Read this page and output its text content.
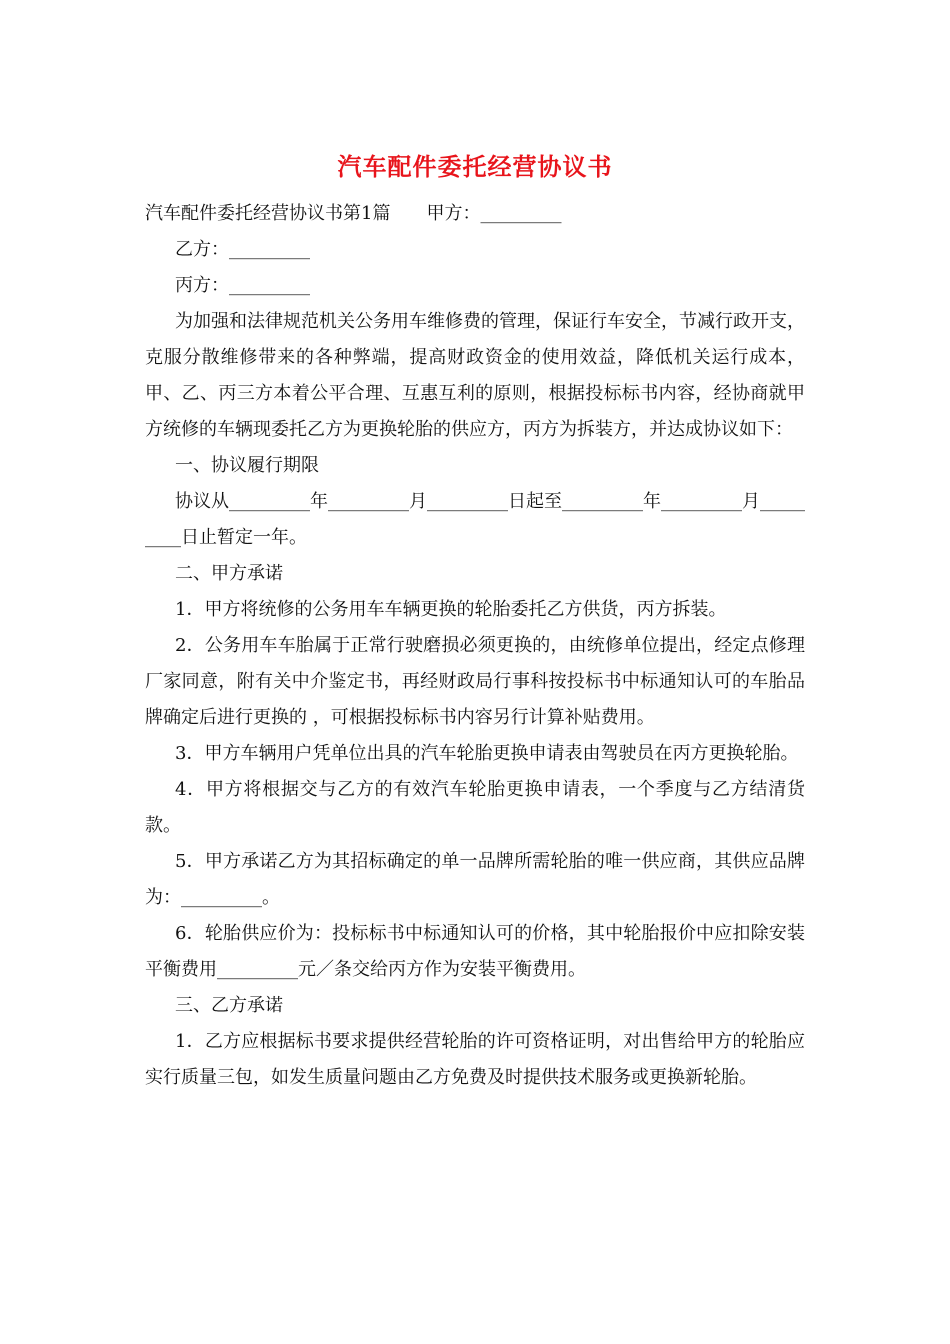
汽车配件委托经营协议书

汽车配件委托经营协议书第1篇　　甲方：_________

乙方：_________

丙方：_________

为加强和法律规范机关公务用车维修费的管理，保证行车安全，节减行政开支，克服分散维修带来的各种弊端，提高财政资金的使用效益，降低机关运行成本，甲、乙、丙三方本着公平合理、互惠互利的原则，根据投标标书内容，经协商就甲方统修的车辆现委托乙方为更换轮胎的供应方，丙方为拆装方，并达成协议如下：

一、协议履行期限

协议从_________年_________月_________日起至_________年_________月_________日止暂定一年。

二、甲方承诺

1．甲方将统修的公务用车车辆更换的轮胎委托乙方供货，丙方拆装。

2．公务用车车胎属于正常行驶磨损必须更换的，由统修单位提出，经定点修理厂家同意，附有关中介鉴定书，再经财政局行事科按投标书中标通知认可的车胎品牌确定后进行更换的 ，可根据投标标书内容另行计算补贴费用。

3．甲方车辆用户凭单位出具的汽车轮胎更换申请表由驾驶员在丙方更换轮胎。

4．甲方将根据交与乙方的有效汽车轮胎更换申请表，一个季度与乙方结清货款。

5．甲方承诺乙方为其招标确定的单一品牌所需轮胎的唯一供应商，其供应品牌为：_________。

6．轮胎供应价为：投标标书中标通知认可的价格，其中轮胎报价中应扣除安装平衡费用_________元／条交给丙方作为安装平衡费用。

三、乙方承诺

1．乙方应根据标书要求提供经营轮胎的许可资格证明，对出售给甲方的轮胎应实行质量三包，如发生质量问题由乙方免费及时提供技术服务或更换新轮胎。
